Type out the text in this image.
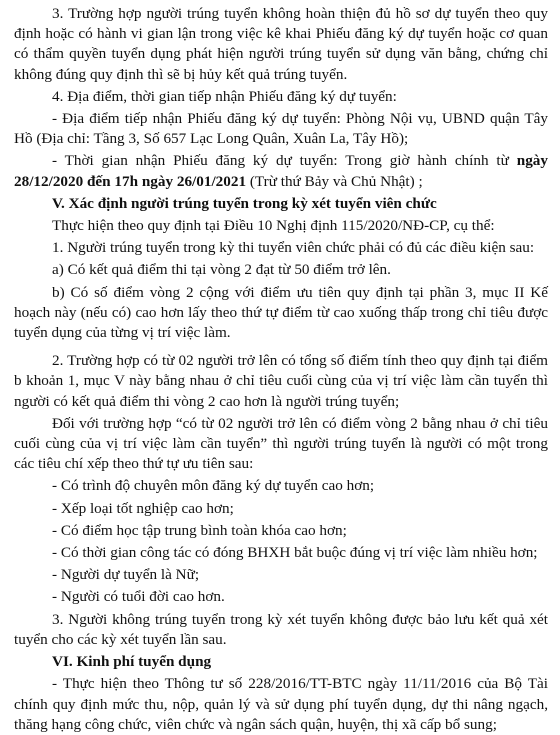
3. Trường hợp người trúng tuyển không hoàn thiện đủ hồ sơ dự tuyển theo quy định hoặc có hành vi gian lận trong việc kê khai Phiếu đăng ký dự tuyển hoặc cơ quan có thẩm quyền tuyển dụng phát hiện người trúng tuyển sử dụng văn bằng, chứng chỉ không đúng quy định thì sẽ bị hủy kết quả trúng tuyển.

4. Địa điểm, thời gian tiếp nhận Phiếu đăng ký dự tuyển:

- Địa điểm tiếp nhận Phiếu đăng ký dự tuyển: Phòng Nội vụ, UBND quận Tây Hồ (Địa chỉ: Tầng 3, Số 657 Lạc Long Quân, Xuân La, Tây Hồ);

- Thời gian nhận Phiếu đăng ký dự tuyển: Trong giờ hành chính từ ngày 28/12/2020 đến 17h ngày 26/01/2021 (Trừ thứ Bảy và Chủ Nhật) ;

V. Xác định người trúng tuyển trong kỳ xét tuyển viên chức

Thực hiện theo quy định tại Điều 10 Nghị định 115/2020/NĐ-CP, cụ thể:

1. Người trúng tuyển trong kỳ thi tuyển viên chức phải có đủ các điều kiện sau:

a) Có kết quả điểm thi tại vòng 2 đạt từ 50 điểm trở lên.

b) Có số điểm vòng 2 cộng với điểm ưu tiên quy định tại phần 3, mục II Kế hoạch này (nếu có) cao hơn lấy theo thứ tự điểm từ cao xuống thấp trong chỉ tiêu được tuyển dụng của từng vị trí việc làm.

2. Trường hợp có từ 02 người trở lên có tổng số điểm tính theo quy định tại điểm b khoản 1, mục V này bằng nhau ở chỉ tiêu cuối cùng của vị trí việc làm cần tuyển thì người có kết quả điểm thi vòng 2 cao hơn là người trúng tuyển;

Đối với trường hợp “có từ 02 người trở lên có điểm vòng 2 bằng nhau ở chỉ tiêu cuối cùng của vị trí việc làm cần tuyển” thì người trúng tuyển là người có một trong các tiêu chí xếp theo thứ tự ưu tiên sau:

- Có trình độ chuyên môn đăng ký dự tuyển cao hơn;

- Xếp loại tốt nghiệp cao hơn;

- Có điểm học tập trung bình toàn khóa cao hơn;

- Có thời gian công tác có đóng BHXH bắt buộc đúng vị trí việc làm nhiều hơn;

- Người dự tuyển là Nữ;

- Người có tuổi đời cao hơn.

3. Người không trúng tuyển trong kỳ xét tuyển không được bảo lưu kết quả xét tuyển cho các kỳ xét tuyển lần sau.

VI. Kinh phí tuyển dụng

- Thực hiện theo Thông tư số 228/2016/TT-BTC ngày 11/11/2016 của Bộ Tài chính quy định mức thu, nộp, quản lý và sử dụng phí tuyển dụng, dự thi nâng ngạch, thăng hạng công chức, viên chức và ngân sách quận, huyện, thị xã cấp bổ sung;
